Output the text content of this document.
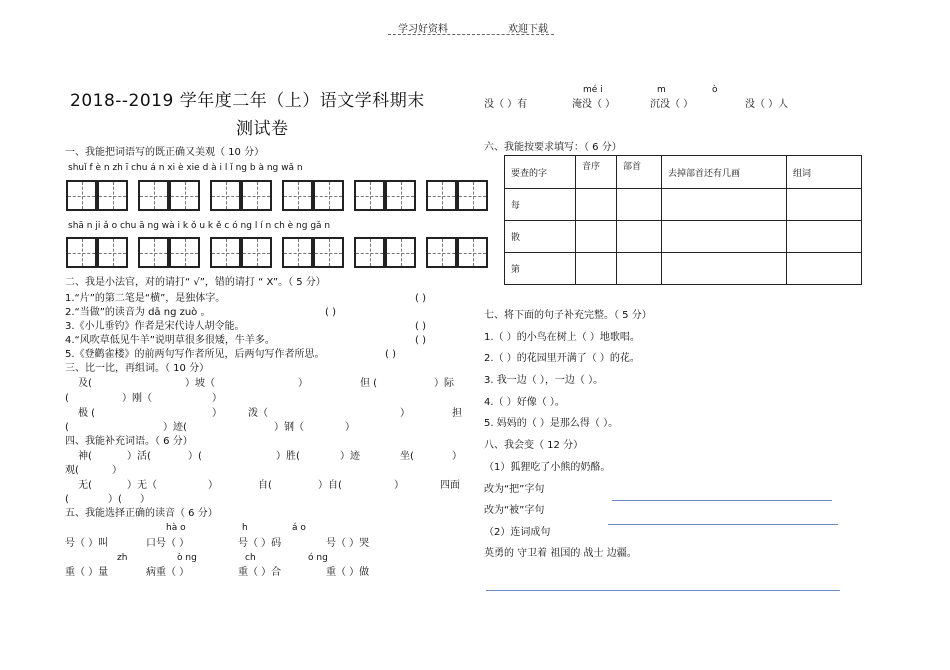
学习好资料	欢迎下载
2018--2019 学年度二年（上）语文学科期末
测试卷
一、我能把词语写的既正确又美观（ 10 分）
shuǐ f è n zh ī chu á n xi è xie d à i l ǐ ng b à ng wǎ n
shā n ji ǎ o chu ā ng wà i k ǒ u k ě c ó ng l í n ch è ng gǎ n
二、我是小法官，对的请打“ √”，错的请打 “ X”。（ 5 分）
1.“片”的第二笔是“横”，是独体字。	( )
2.“当做”的读音为 dā ng zuò 。	( )
3.《小儿垂钓》作者是宋代诗人胡令能。	( )
4.“风吹草低见牛羊”说明草很多很矮，牛羊多。	( )
5.《登鹳雀楼》的前两句写作者所见，后两句写作者所思。	( )
三、比一比，再组词。（ 10 分）
及(	）坡（	）	但 (	）际
(	）刚（	）
极 (	）	泼（	）	担
(	）迹(	）钢（	）
四、我能补充词语。（ 6 分）
神(	）活(	）(	）胜(	）迹	坐(	）
观(	）
无(	）无（	）	自(	）自(	）	四面
(	）( ）
五、我能选择正确的读音（ 6 分）
hà o	h	á o
号（ ）叫	口号（ ）	号（ ）码	号（ ）哭
zh	ò ng	ch	ó ng
重（ ）量	病重（ ）	重（ ）合	重（ ）做
mé i	m	ò
没（ ）有	淹没（ ）	沉没（ ）	没（ ）人
六、我能按要求填写：（ 6 分）
要查的字	音序	部首	去掉部首还有几画	组词
每				
散				
第				
七、将下面的句子补充完整。（ 5 分）
1.（ ）的小鸟在树上（ ）地歌唱。
2.（ ）的花园里开满了（ ）的花。
3. 我一边（ ），一边（ ）。
4.（ ）好像（ ）。
5. 妈妈的（ ）是那么得（ ）。
八、我会变（ 12 分）
（1）狐狸吃了小熊的奶酪。
改为“把”字句
改为“被”字句
（2）连词成句
英勇的 守卫着 祖国的 战士 边疆。
